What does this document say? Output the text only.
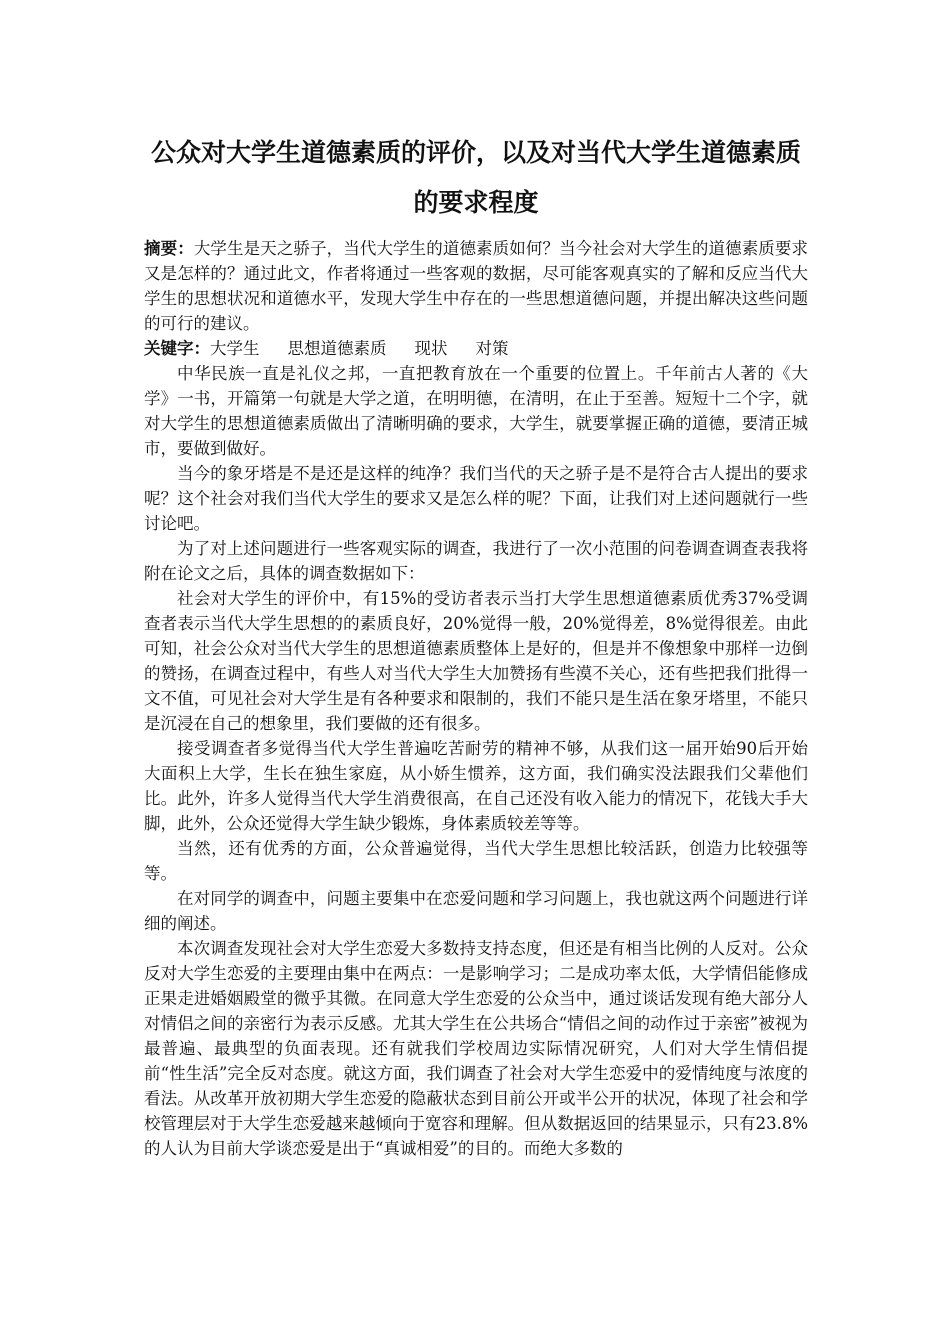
公众对大学生道德素质的评价，以及对当代大学生道德素质
的要求程度

摘要：大学生是天之骄子，当代大学生的道德素质如何？当今社会对大学生的道德素质要求又是怎样的？通过此文，作者将通过一些客观的数据，尽可能客观真实的了解和反应当代大学生的思想状况和道德水平，发现大学生中存在的一些思想道德问题，并提出解决这些问题的可行的建议。

关键字：大学生 思想道德素质 现状 对策

中华民族一直是礼仪之邦，一直把教育放在一个重要的位置上。千年前古人著的《大学》一书，开篇第一句就是大学之道，在明明德，在清明，在止于至善。短短十二个字，就对大学生的思想道德素质做出了清晰明确的要求，大学生，就要掌握正确的道德，要清正城市，要做到做好。

当今的象牙塔是不是还是这样的纯净？我们当代的天之骄子是不是符合古人提出的要求呢？这个社会对我们当代大学生的要求又是怎么样的呢？下面，让我们对上述问题就行一些讨论吧。

为了对上述问题进行一些客观实际的调查，我进行了一次小范围的问卷调查调查表我将附在论文之后，具体的调查数据如下：

社会对大学生的评价中，有15%的受访者表示当打大学生思想道德素质优秀37%受调查者表示当代大学生思想的的素质良好，20%觉得一般，20%觉得差，8%觉得很差。由此可知，社会公众对当代大学生的思想道德素质整体上是好的，但是并不像想象中那样一边倒的赞扬，在调查过程中，有些人对当代大学生大加赞扬有些漠不关心，还有些把我们批得一文不值，可见社会对大学生是有各种要求和限制的，我们不能只是生活在象牙塔里，不能只是沉浸在自己的想象里，我们要做的还有很多。

接受调查者多觉得当代大学生普遍吃苦耐劳的精神不够，从我们这一届开始90后开始大面积上大学，生长在独生家庭，从小娇生惯养，这方面，我们确实没法跟我们父辈他们比。此外，许多人觉得当代大学生消费很高，在自己还没有收入能力的情况下，花钱大手大脚，此外，公众还觉得大学生缺少锻炼，身体素质较差等等。

当然，还有优秀的方面，公众普遍觉得，当代大学生思想比较活跃，创造力比较强等等。

在对同学的调查中，问题主要集中在恋爱问题和学习问题上，我也就这两个问题进行详细的阐述。

本次调查发现社会对大学生恋爱大多数持支持态度，但还是有相当比例的人反对。公众反对大学生恋爱的主要理由集中在两点：一是影响学习；二是成功率太低，大学情侣能修成正果走进婚姻殿堂的微乎其微。在同意大学生恋爱的公众当中，通过谈话发现有绝大部分人对情侣之间的亲密行为表示反感。尤其大学生在公共场合“情侣之间的动作过于亲密”被视为最普遍、最典型的负面表现。还有就我们学校周边实际情况研究，人们对大学生情侣提前“性生活”完全反对态度。就这方面，我们调查了社会对大学生恋爱中的爱情纯度与浓度的看法。从改革开放初期大学生恋爱的隐蔽状态到目前公开或半公开的状况，体现了社会和学校管理层对于大学生恋爱越来越倾向于宽容和理解。但从数据返回的结果显示，只有23.8%的人认为目前大学谈恋爱是出于“真诚相爱”的目的。而绝大多数的
